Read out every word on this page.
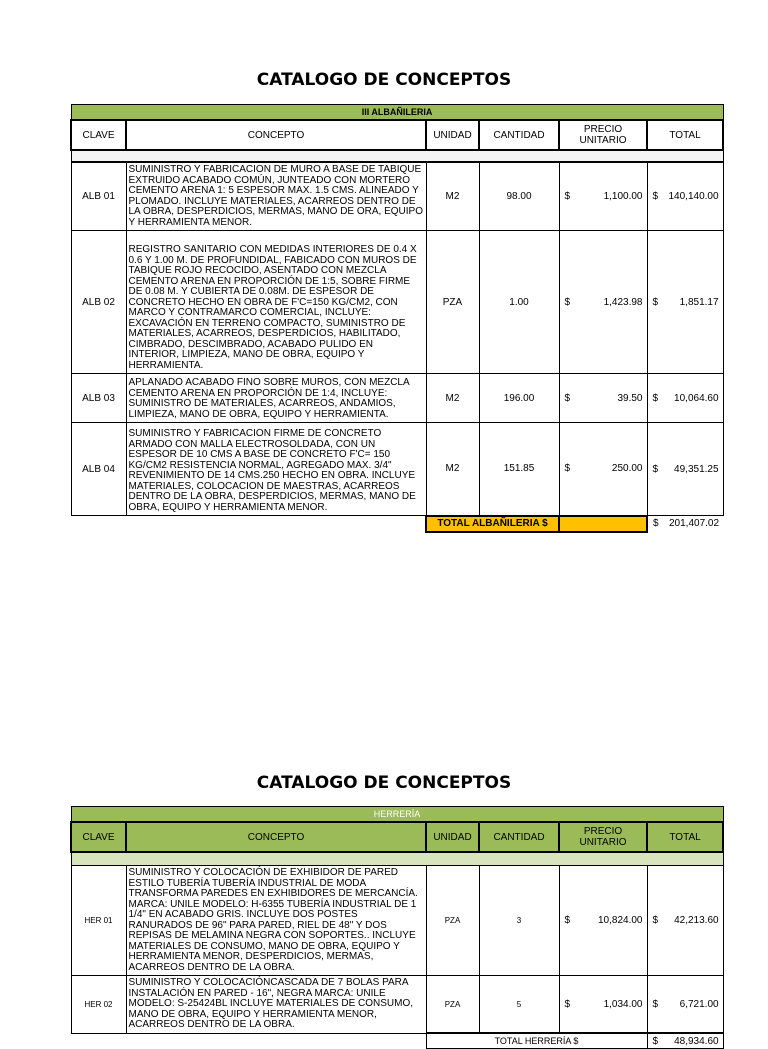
CATALOGO DE CONCEPTOS
III ALBAÑILERIA					
CLAVE	CONCEPTO	UNIDAD	CANTIDAD	PRECIO UNITARIO	TOTAL

ALB 01	SUMINISTRO Y FABRICACION DE MURO A BASE DE TABIQUE EXTRUIDO ACABADO COMÚN, JUNTEADO CON MORTERO CEMENTO ARENA 1: 5 ESPESOR MAX. 1.5 CMS. ALINEADO Y PLOMADO. INCLUYE MATERIALES, ACARREOS DENTRO DE LA OBRA, DESPERDICIOS, MERMAS, MANO DE ORA, EQUIPO Y HERRAMIENTA MENOR.	M2	98.00	$ 1,100.00	$ 140,140.00

ALB 02	REGISTRO SANITARIO CON MEDIDAS INTERIORES DE 0.4 X 0.6 Y 1.00 M. DE PROFUNDIDAL, FABICADO CON MUROS DE TABIQUE ROJO RECOCIDO, ASENTADO CON MEZCLA CEMENTO ARENA EN PROPORCIÓN DE 1:5, SOBRE FIRME DE 0.08 M. Y CUBIERTA DE 0.08M. DE ESPESOR DE CONCRETO HECHO EN OBRA DE F'C=150 KG/CM2, CON MARCO Y CONTRAMARCO COMERCIAL, INCLUYE: EXCAVACIÓN EN TERRENO COMPACTO, SUMINISTRO DE MATERIALES, ACARREOS, DESPERDICIOS, HABILITADO, CIMBRADO, DESCIMBRADO, ACABADO PULIDO EN INTERIOR, LIMPIEZA, MANO DE OBRA, EQUIPO Y HERRAMIENTA.	PZA	1.00	$ 1,423.98	$ 1,851.17

ALB 03	APLANADO ACABADO FINO SOBRE MUROS, CON MEZCLA CEMENTO ARENA EN PROPORCIÓN DE 1:4, INCLUYE: SUMINISTRO DE MATERIALES, ACARREOS, ANDAMIOS, LIMPIEZA, MANO DE OBRA, EQUIPO Y HERRAMIENTA.	M2	196.00	$ 39.50	$ 10,064.60

ALB 04	SUMINISTRO Y FABRICACION FIRME DE CONCRETO ARMADO CON MALLA ELECTROSOLDADA, CON UN ESPESOR DE 10 CMS A BASE DE CONCRETO F'C= 150 KG/CM2 RESISTENCIA NORMAL, AGREGADO MAX. 3/4" REVENIMIENTO DE 14 CMS.250 HECHO EN OBRA. INCLUYE MATERIALES, COLOCACION DE MAESTRAS, ACARREOS DENTRO DE LA OBRA, DESPERDICIOS, MERMAS, MANO DE OBRA, EQUIPO Y HERRAMIENTA MENOR.	M2	151.85	$ 250.00	$ 49,351.25

		TOTAL ALBAÑILERIA $			$ 201,407.02
CATALOGO DE CONCEPTOS
HERRERÍA					
CLAVE	CONCEPTO	UNIDAD	CANTIDAD	PRECIO UNITARIO	TOTAL

HER 01	SUMINISTRO Y COLOCACIÓN DE EXHIBIDOR DE PARED ESTILO TUBERÍA TUBERÍA INDUSTRIAL DE MODA TRANSFORMA PAREDES EN EXHIBIDORES DE MERCANCÍA. MARCA: UNILE MODELO: H-6355 TUBERÍA INDUSTRIAL DE 1 1/4" EN ACABADO GRIS. INCLUYE DOS POSTES RANURADOS DE 96" PARA PARED, RIEL DE 48" Y DOS REPISAS DE MELAMINA NEGRA CON SOPORTES.. INCLUYE MATERIALES DE CONSUMO, MANO DE OBRA, EQUIPO Y HERRAMIENTA MENOR, DESPERDICIOS, MERMAS, ACARREOS DENTRO DE LA OBRA.	PZA	3	$ 10,824.00	$ 42,213.60

HER 02	SUMINISTRO Y COLOCACIÓNCASCADA DE 7 BOLAS PARA INSTALACIÓN EN PARED - 16", NEGRA MARCA: UNILE MODELO: S-25424BL INCLUYE MATERIALES DE CONSUMO, MANO DE OBRA, EQUIPO Y HERRAMIENTA MENOR, ACARREOS DENTRO DE LA OBRA.	PZA	5	$ 1,034.00	$ 6,721.00

		TOTAL HERRERÍA $			$ 48,934.60
